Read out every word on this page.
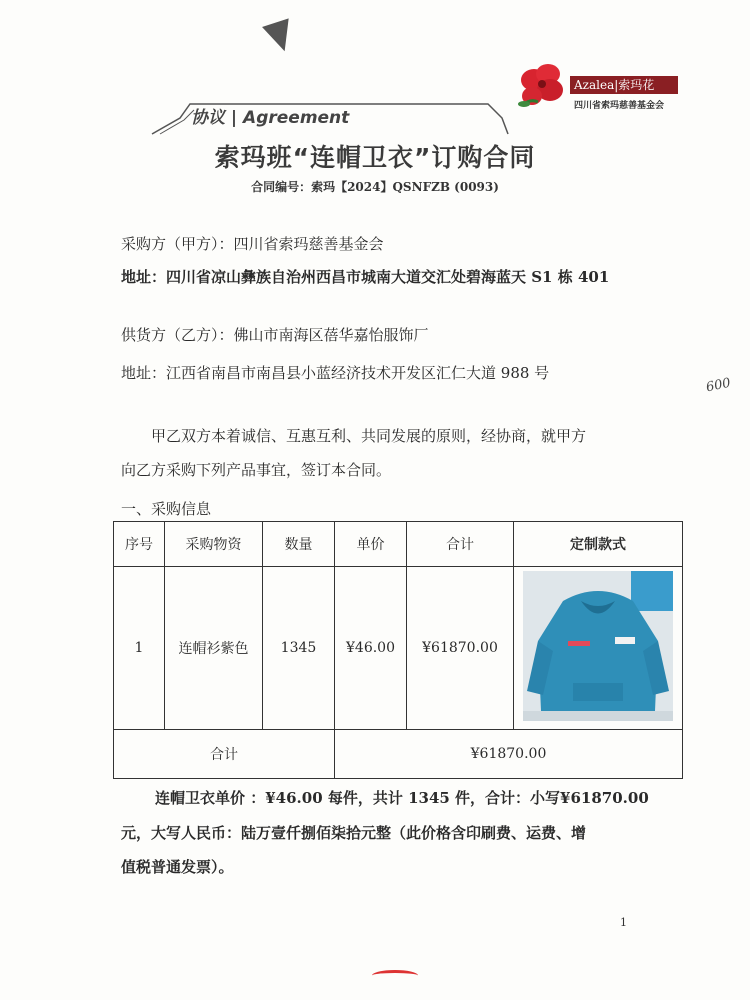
Azalea|索玛花
四川省索玛慈善基金会
协议 | Agreement
索玛班“连帽卫衣”订购合同
合同编号：索玛【2024】QSNFZB (0093)
采购方（甲方）：四川省索玛慈善基金会
地址：四川省凉山彝族自治州西昌市城南大道交汇处碧海蓝天 S1 栋 401
供货方（乙方）：佛山市南海区蓓华嘉怡服饰厂
地址：江西省南昌市南昌县小蓝经济技术开发区汇仁大道 988 号
600
甲乙双方本着诚信、互惠互利、共同发展的原则，经协商，就甲方
向乙方采购下列产品事宜，签订本合同。
一、采购信息
序号	采购物资	数量	单价	合计	定制款式
1	连帽衫紫色	1345	¥46.00	¥61870.00	
合计			¥61870.00		
连帽卫衣单价 ：¥46.00 每件，共计 1345 件，合计：小写¥61870.00
元，大写人民币：陆万壹仟捌佰柒拾元整（此价格含印刷费、运费、增
值税普通发票）。
1
